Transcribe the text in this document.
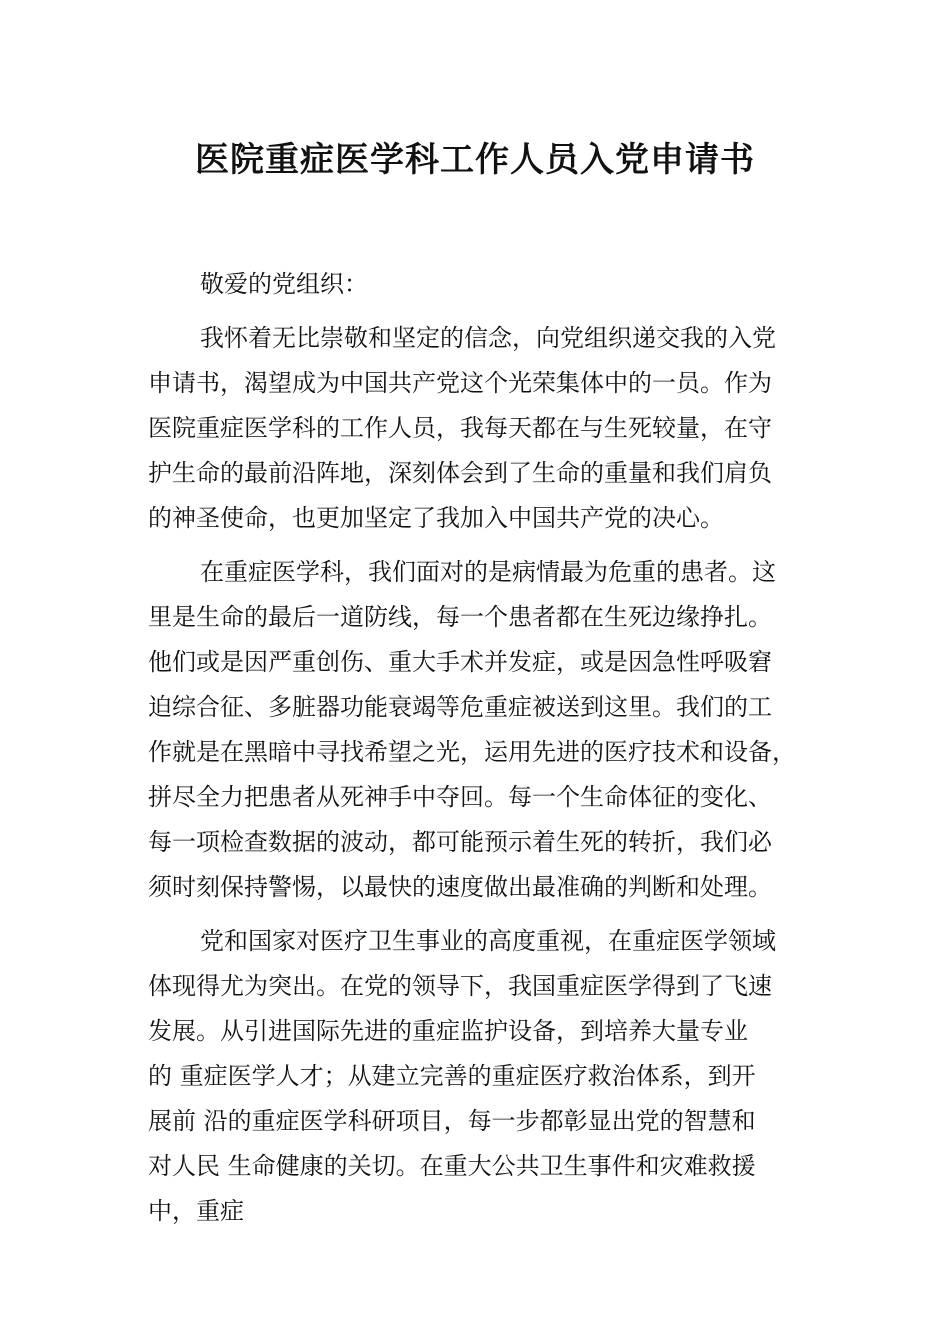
医院重症医学科工作人员入党申请书
敬爱的党组织：
我怀着无比崇敬和坚定的信念，向党组织递交我的入党
申请书，渴望成为中国共产党这个光荣集体中的一员。作为
医院重症医学科的工作人员，我每天都在与生死较量，在守
护生命的最前沿阵地，深刻体会到了生命的重量和我们肩负
的神圣使命，也更加坚定了我加入中国共产党的决心。
在重症医学科，我们面对的是病情最为危重的患者。这
里是生命的最后一道防线，每一个患者都在生死边缘挣扎。
他们或是因严重创伤、重大手术并发症，或是因急性呼吸窘
迫综合征、多脏器功能衰竭等危重症被送到这里。我们的工
作就是在黑暗中寻找希望之光，运用先进的医疗技术和设备，
拼尽全力把患者从死神手中夺回。每一个生命体征的变化、
每一项检查数据的波动，都可能预示着生死的转折，我们必
须时刻保持警惕，以最快的速度做出最准确的判断和处理。
党和国家对医疗卫生事业的高度重视，在重症医学领域
体现得尤为突出。在党的领导下，我国重症医学得到了飞速
发展。从引进国际先进的重症监护设备，到培养大量专业
的 重症医学人才；从建立完善的重症医疗救治体系，到开
展前 沿的重症医学科研项目，每一步都彰显出党的智慧和
对人民 生命健康的关切。在重大公共卫生事件和灾难救援
中，重症
